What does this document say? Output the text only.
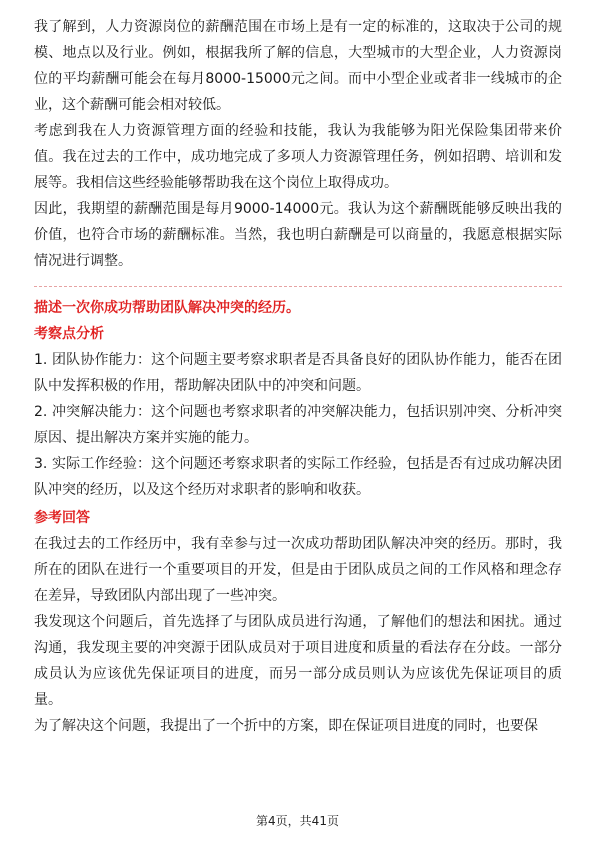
我了解到，人力资源岗位的薪酬范围在市场上是有一定的标准的，这取决于公司的规模、地点以及行业。例如，根据我所了解的信息，大型城市的大型企业，人力资源岗位的平均薪酬可能会在每月8000-15000元之间。而中小型企业或者非一线城市的企业，这个薪酬可能会相对较低。

考虑到我在人力资源管理方面的经验和技能，我认为我能够为阳光保险集团带来价值。我在过去的工作中，成功地完成了多项人力资源管理任务，例如招聘、培训和发展等。我相信这些经验能够帮助我在这个岗位上取得成功。

因此，我期望的薪酬范围是每月9000-14000元。我认为这个薪酬既能够反映出我的价值，也符合市场的薪酬标准。当然，我也明白薪酬是可以商量的，我愿意根据实际情况进行调整。

描述一次你成功帮助团队解决冲突的经历。

考察点分析

1. 团队协作能力：这个问题主要考察求职者是否具备良好的团队协作能力，能否在团队中发挥积极的作用，帮助解决团队中的冲突和问题。

2. 冲突解决能力：这个问题也考察求职者的冲突解决能力，包括识别冲突、分析冲突原因、提出解决方案并实施的能力。

3. 实际工作经验：这个问题还考察求职者的实际工作经验，包括是否有过成功解决团队冲突的经历，以及这个经历对求职者的影响和收获。

参考回答

在我过去的工作经历中，我有幸参与过一次成功帮助团队解决冲突的经历。那时，我所在的团队在进行一个重要项目的开发，但是由于团队成员之间的工作风格和理念存在差异，导致团队内部出现了一些冲突。

我发现这个问题后，首先选择了与团队成员进行沟通，了解他们的想法和困扰。通过沟通，我发现主要的冲突源于团队成员对于项目进度和质量的看法存在分歧。一部分成员认为应该优先保证项目的进度，而另一部分成员则认为应该优先保证项目的质量。

为了解决这个问题，我提出了一个折中的方案，即在保证项目进度的同时，也要保

第4页，共41页
